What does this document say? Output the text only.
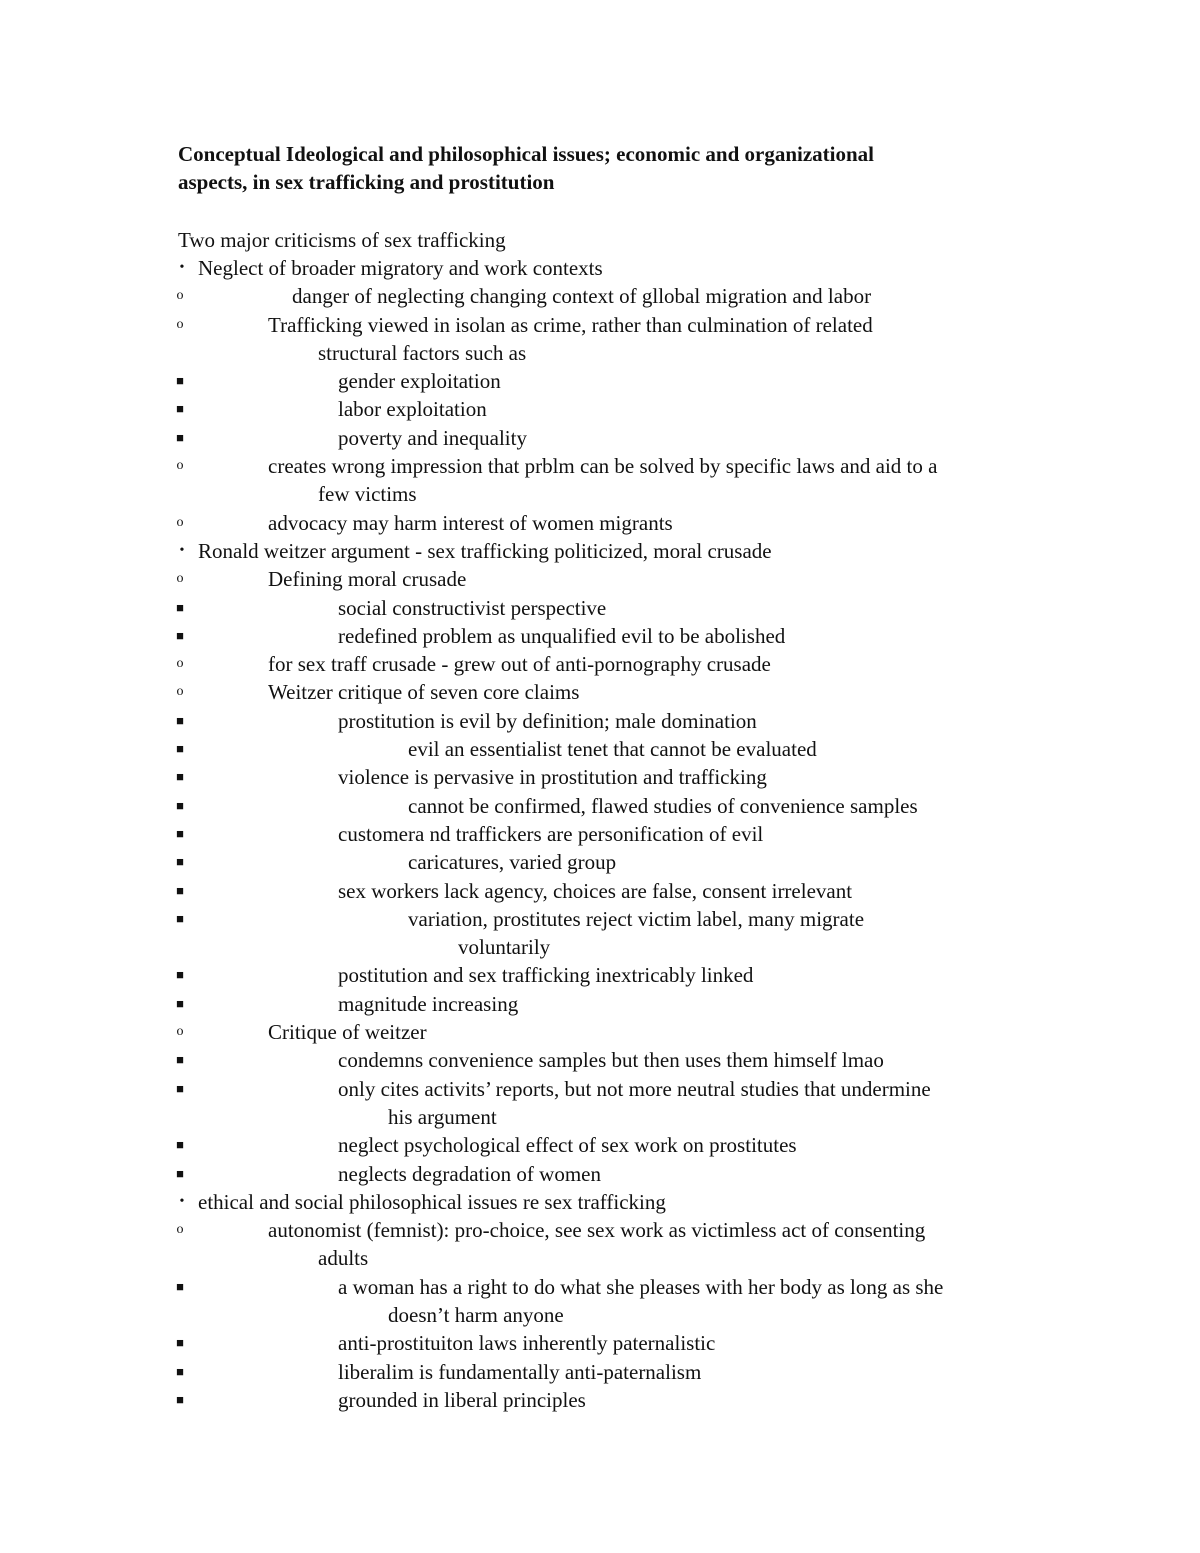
Conceptual Ideological and philosophical issues; economic and organizational
aspects, in sex trafficking and prostitution
Two major criticisms of sex trafficking
• Neglect of broader migratory and work contexts
o	danger of neglecting changing context of gllobal migration and labor
o	Trafficking viewed in isolan as crime, rather than culmination of related
structural factors such as
■	gender exploitation
■	labor exploitation
■	poverty and inequality
o	creates wrong impression that prblm can be solved by specific laws and aid to a
few victims
o	advocacy may harm interest of women migrants
• Ronald weitzer argument - sex trafficking politicized, moral crusade
o	Defining moral crusade
■	social constructivist perspective
■	redefined problem as unqualified evil to be abolished
o	for sex traff crusade - grew out of anti-pornography crusade
o	Weitzer critique of seven core claims
■	prostitution is evil by definition; male domination
■	evil an essentialist tenet that cannot be evaluated
■	violence is pervasive in prostitution and trafficking
■	cannot be confirmed, flawed studies of convenience samples
■	customera nd traffickers are personification of evil
■	caricatures, varied group
■	sex workers lack agency, choices are false, consent irrelevant
■	variation, prostitutes reject victim label, many migrate
voluntarily
■	postitution and sex trafficking inextricably linked
■	magnitude increasing
o	Critique of weitzer
■	condemns convenience samples but then uses them himself lmao
■	only cites activits’ reports, but not more neutral studies that undermine
his argument
■	neglect psychological effect of sex work on prostitutes
■	neglects degradation of women
• ethical and social philosophical issues re sex trafficking
o	autonomist (femnist): pro-choice, see sex work as victimless act of consenting
adults
■	a woman has a right to do what she pleases with her body as long as she
doesn’t harm anyone
■	anti-prostituiton laws inherently paternalistic
■	liberalim is fundamentally anti-paternalism
■	grounded in liberal principles
